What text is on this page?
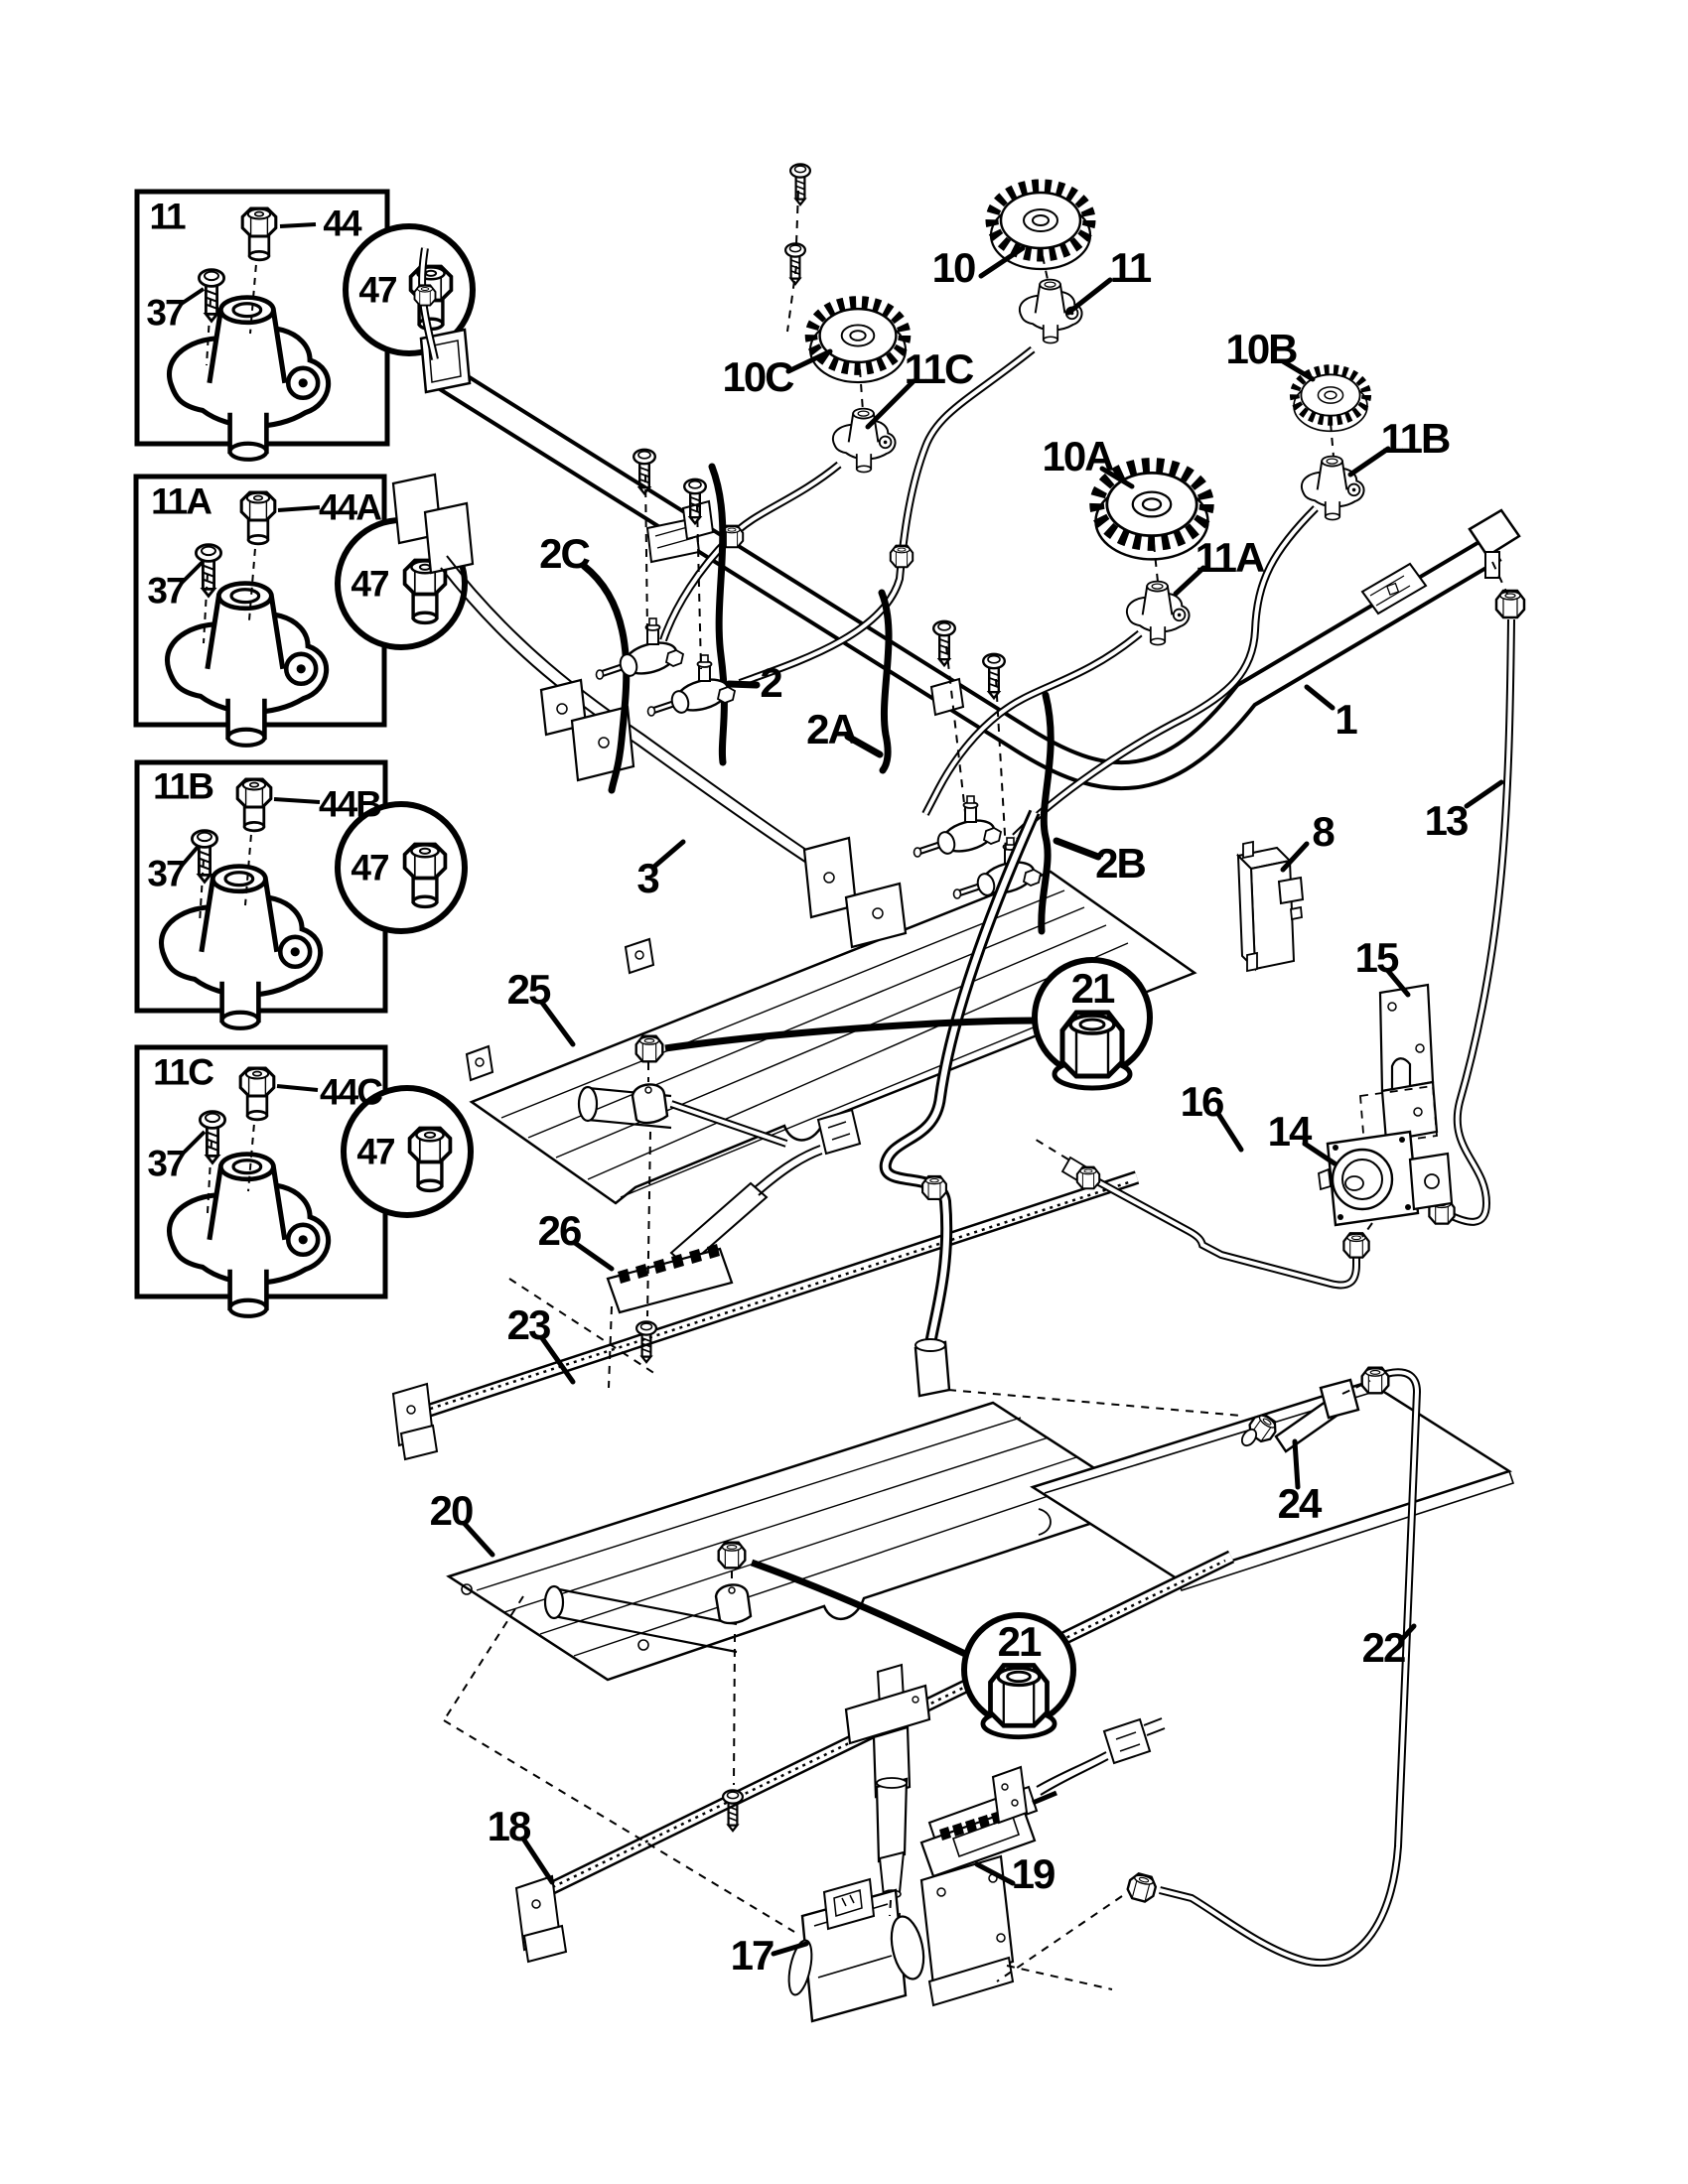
11	44
37
47
11A	44A
37	47
11B	44B
37	47
11C	44C
37	47
10	11
10C	11C	10B
11B
10A
11A
2C
2
2A
2B
1
3
8 13
15
16
14
25	21
26
23
20
21
24
22
18
19
17
